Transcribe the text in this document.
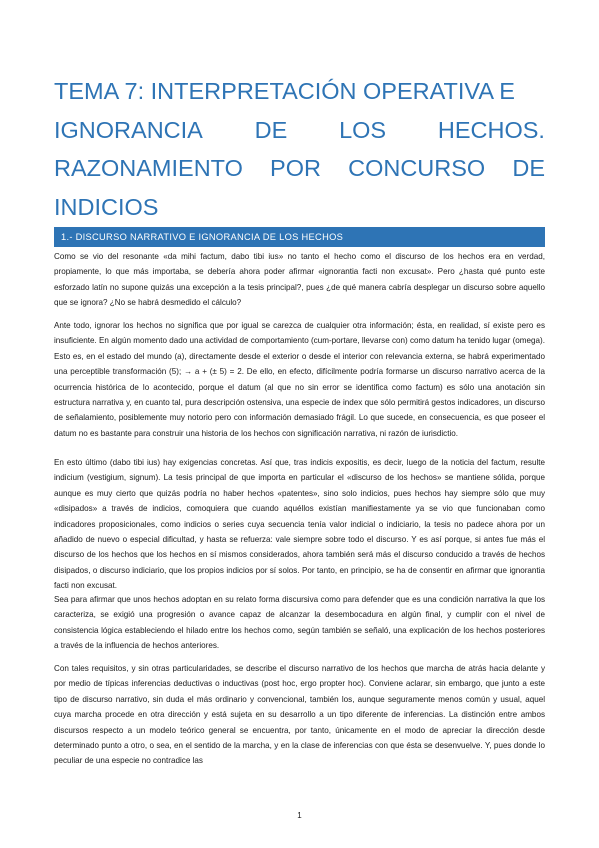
TEMA 7: INTERPRETACIÓN OPERATIVA E
IGNORANCIA DE LOS HECHOS.
RAZONAMIENTO POR CONCURSO DE
INDICIOS
1.- DISCURSO NARRATIVO E IGNORANCIA DE LOS HECHOS

Como se vio del resonante «da mihi factum, dabo tibi ius» no tanto el hecho como el discurso de los hechos era en verdad, propiamente, lo que más importaba, se debería ahora poder afirmar «ignorantia facti non excusat». Pero ¿hasta qué punto este esforzado latín no supone quizás una excepción a la tesis principal?, pues ¿de qué manera cabría desplegar un discurso sobre aquello que se ignora? ¿No se habrá desmedido el cálculo?

Ante todo, ignorar los hechos no significa que por igual se carezca de cualquier otra información; ésta, en realidad, sí existe pero es insuficiente. En algún momento dado una actividad de comportamiento (cum-portare, llevarse con) como datum ha tenido lugar (omega). Esto es, en el estado del mundo (a), directamente desde el exterior o desde el interior con relevancia externa, se habrá experimentado una perceptible transformación (5); → a + (± 5) = 2. De ello, en efecto, difícilmente podría formarse un discurso narrativo acerca de la ocurrencia histórica de lo acontecido, porque el datum (al que no sin error se identifica como factum) es sólo una anotación sin estructura narrativa y, en cuanto tal, pura descripción ostensiva, una especie de index que sólo permitirá gestos indicadores, un discurso de señalamiento, posiblemente muy notorio pero con información demasiado frágil. Lo que sucede, en consecuencia, es que poseer el datum no es bastante para construir una historia de los hechos con significación narrativa, ni razón de iurisdictio.

En esto último (dabo tibi ius) hay exigencias concretas. Así que, tras indicis expositis, es decir, luego de la noticia del factum, resulte indicium (vestigium, signum). La tesis principal de que importa en particular el «discurso de los hechos» se mantiene sólida, porque aunque es muy cierto que quizás podría no haber hechos «patentes», sino solo indicios, pues hechos hay siempre sólo que muy «disipados» a través de indicios, comoquiera que cuando aquéllos existían manifiestamente ya se vio que funcionaban como indicadores proposicionales, como indicios o series cuya secuencia tenía valor indicial o indiciario, la tesis no padece ahora por un añadido de nuevo o especial dificultad, y hasta se refuerza: vale siempre sobre todo el discurso. Y es así porque, si antes fue más el discurso de los hechos que los hechos en sí mismos considerados, ahora también será más el discurso conducido a través de hechos disipados, o discurso indiciario, que los propios indicios por sí solos. Por tanto, en principio, se ha de consentir en afirmar que ignorantia facti non excusat.

Sea para afirmar que unos hechos adoptan en su relato forma discursiva como para defender que es una condición narrativa la que los caracteriza, se exigió una progresión o avance capaz de alcanzar la desembocadura en algún final, y cumplir con el nivel de consistencia lógica estableciendo el hilado entre los hechos como, según también se señaló, una explicación de los hechos posteriores a través de la influencia de hechos anteriores.

Con tales requisitos, y sin otras particularidades, se describe el discurso narrativo de los hechos que marcha de atrás hacia delante y por medio de típicas inferencias deductivas o inductivas (post hoc, ergo propter hoc). Conviene aclarar, sin embargo, que junto a este tipo de discurso narrativo, sin duda el más ordinario y convencional, también los, aunque seguramente menos común y usual, aquel cuya marcha procede en otra dirección y está sujeta en su desarrollo a un tipo diferente de inferencias. La distinción entre ambos discursos respecto a un modelo teórico general se encuentra, por tanto, únicamente en el modo de apreciar la dirección desde determinado punto a otro, o sea, en el sentido de la marcha, y en la clase de inferencias con que ésta se desenvuelve. Y, pues donde lo peculiar de una especie no contradice las

1
